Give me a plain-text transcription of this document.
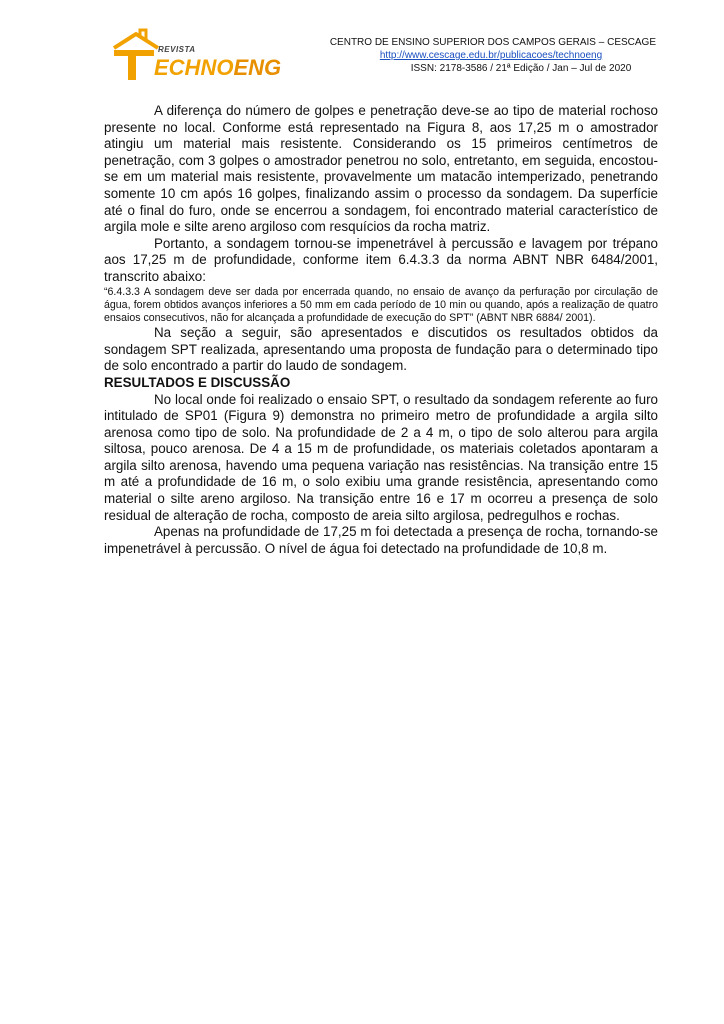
REVISTA
ECHNOENG
CENTRO DE ENSINO SUPERIOR DOS CAMPOS GERAIS – CESCAGE
http://www.cescage.edu.br/publicacoes/technoeng
ISSN: 2178-3586 / 21ª Edição / Jan – Jul de 2020

A diferença do número de golpes e penetração deve-se ao tipo de material rochoso presente no local. Conforme está representado na Figura 8, aos 17,25 m o amostrador atingiu um material mais resistente. Considerando os 15 primeiros centímetros de penetração, com 3 golpes o amostrador penetrou no solo, entretanto, em seguida, encostou-se em um material mais resistente, provavelmente um matacão intemperizado, penetrando somente 10 cm após 16 golpes, finalizando assim o processo da sondagem. Da superfície até o final do furo, onde se encerrou a sondagem, foi encontrado material característico de argila mole e silte areno argiloso com resquícios da rocha matriz.

Portanto, a sondagem tornou-se impenetrável à percussão e lavagem por trépano aos 17,25 m de profundidade, conforme item 6.4.3.3 da norma ABNT NBR 6484/2001, transcrito abaixo:

“6.4.3.3 A sondagem deve ser dada por encerrada quando, no ensaio de avanço da perfuração por circulação de água, forem obtidos avanços inferiores a 50 mm em cada período de 10 min ou quando, após a realização de quatro ensaios consecutivos, não for alcançada a profundidade de execução do SPT” (ABNT NBR 6884/ 2001).

Na seção a seguir, são apresentados e discutidos os resultados obtidos da sondagem SPT realizada, apresentando uma proposta de fundação para o determinado tipo de solo encontrado a partir do laudo de sondagem.

RESULTADOS E DISCUSSÃO

No local onde foi realizado o ensaio SPT, o resultado da sondagem referente ao furo intitulado de SP01 (Figura 9) demonstra no primeiro metro de profundidade a argila silto arenosa como tipo de solo. Na profundidade de 2 a 4 m, o tipo de solo alterou para argila siltosa, pouco arenosa. De 4 a 15 m de profundidade, os materiais coletados apontaram a argila silto arenosa, havendo uma pequena variação nas resistências. Na transição entre 15 m até a profundidade de 16 m, o solo exibiu uma grande resistência, apresentando como material o silte areno argiloso. Na transição entre 16 e 17 m ocorreu a presença de solo residual de alteração de rocha, composto de areia silto argilosa, pedregulhos e rochas.

Apenas na profundidade de 17,25 m foi detectada a presença de rocha, tornando-se impenetrável à percussão. O nível de água foi detectado na profundidade de 10,8 m.
